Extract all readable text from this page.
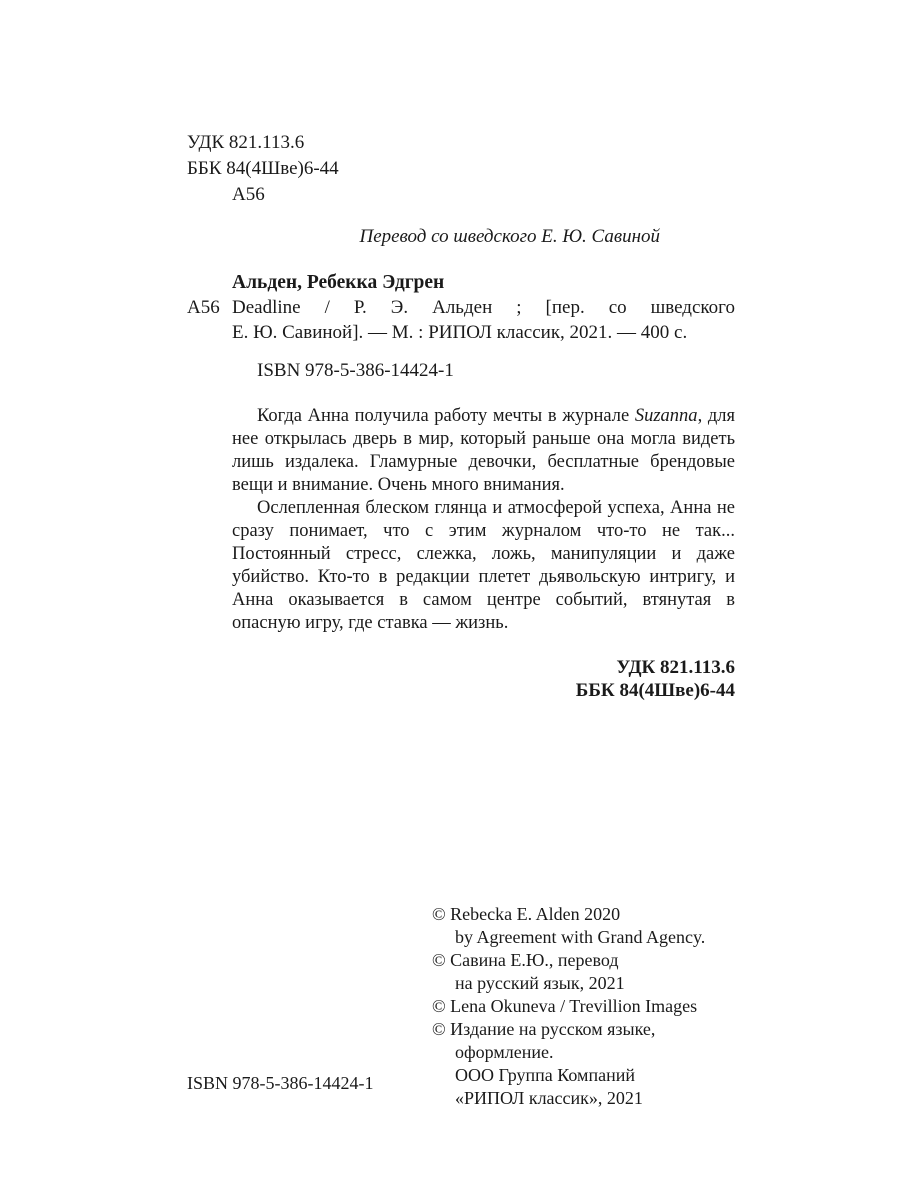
УДК 821.113.6
ББК 84(4Шве)6-44
А56
Перевод со шведского Е. Ю. Савиной
Альден, Ребекка Эдгрен
А56 Deadline / Р. Э. Альден ; [пер. со шведского
Е. Ю. Савиной]. — М. : РИПОЛ классик, 2021. — 400 с.
ISBN 978-5-386-14424-1

Когда Анна получила работу мечты в журнале Suzanna, для нее открылась дверь в мир, который раньше она могла видеть лишь издалека. Гламурные девочки, бесплатные брендовые вещи и внимание. Очень много внимания.

Ослепленная блеском глянца и атмосферой успеха, Анна не сразу понимает, что с этим журналом что-то не так... Постоянный стресс, слежка, ложь, манипуляции и даже убийство. Кто-то в редакции плетет дьявольскую интригу, и Анна оказывается в самом центре событий, втянутая в опасную игру, где ставка — жизнь.

УДК 821.113.6
ББК 84(4Шве)6-44
© Rebecka E. Alden 2020
by Agreement with Grand Agency.
© Савина Е.Ю., перевод
на русский язык, 2021
© Lena Okuneva / Trevillion Images
© Издание на русском языке,
оформление.
ООО Группа Компаний
«РИПОЛ классик», 2021
ISBN 978-5-386-14424-1
